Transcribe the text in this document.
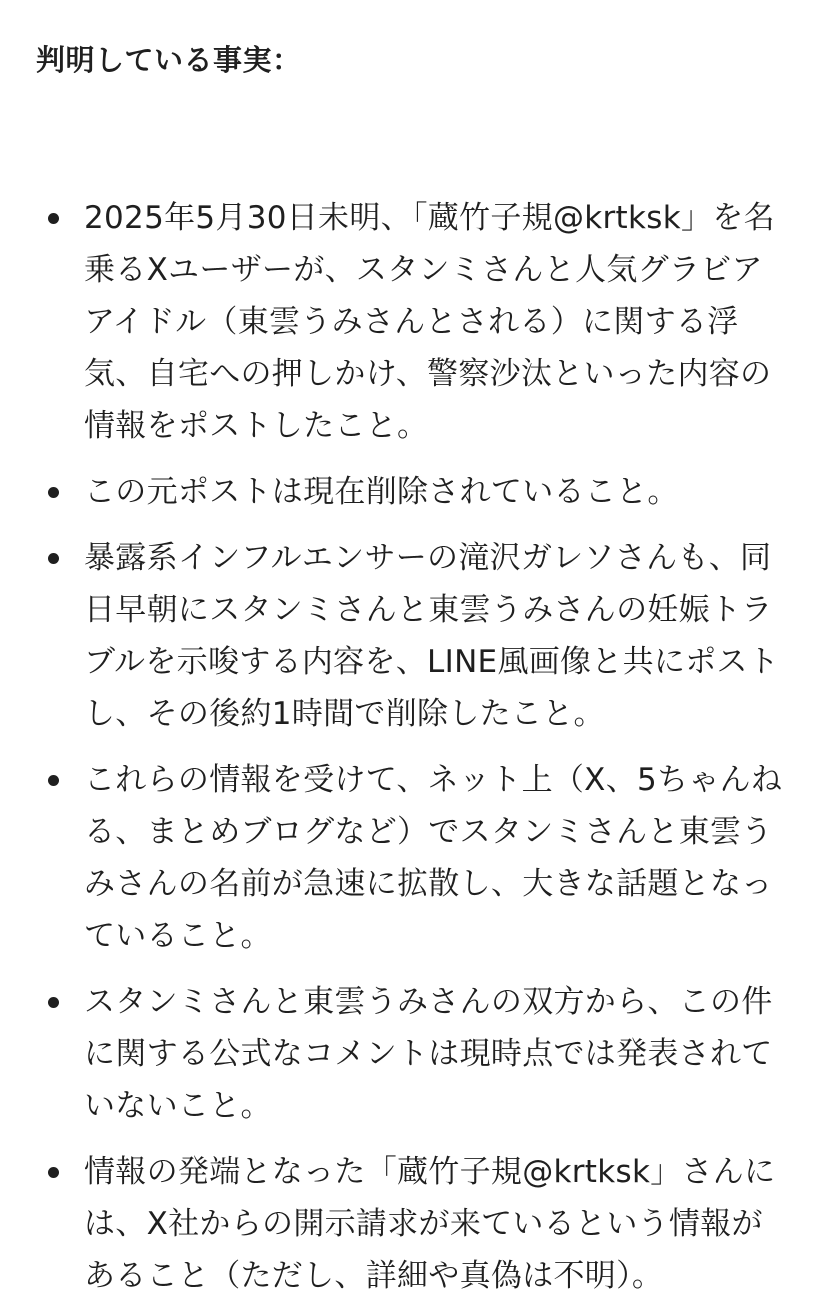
判明している事実：
2025年5月30日未明、「蔵竹子規@krtksk」を名乗るXユーザーが、スタンミさんと人気グラビアアイドル（東雲うみさんとされる）に関する浮気、自宅への押しかけ、警察沙汰といった内容の情報をポストしたこと。
この元ポストは現在削除されていること。
暴露系インフルエンサーの滝沢ガレソさんも、同日早朝にスタンミさんと東雲うみさんの妊娠トラブルを示唆する内容を、LINE風画像と共にポストし、その後約1時間で削除したこと。
これらの情報を受けて、ネット上（X、5ちゃんねる、まとめブログなど）でスタンミさんと東雲うみさんの名前が急速に拡散し、大きな話題となっていること。
スタンミさんと東雲うみさんの双方から、この件に関する公式なコメントは現時点では発表されていないこと。
情報の発端となった「蔵竹子規@krtksk」さんには、X社からの開示請求が来ているという情報があること（ただし、詳細や真偽は不明）。
